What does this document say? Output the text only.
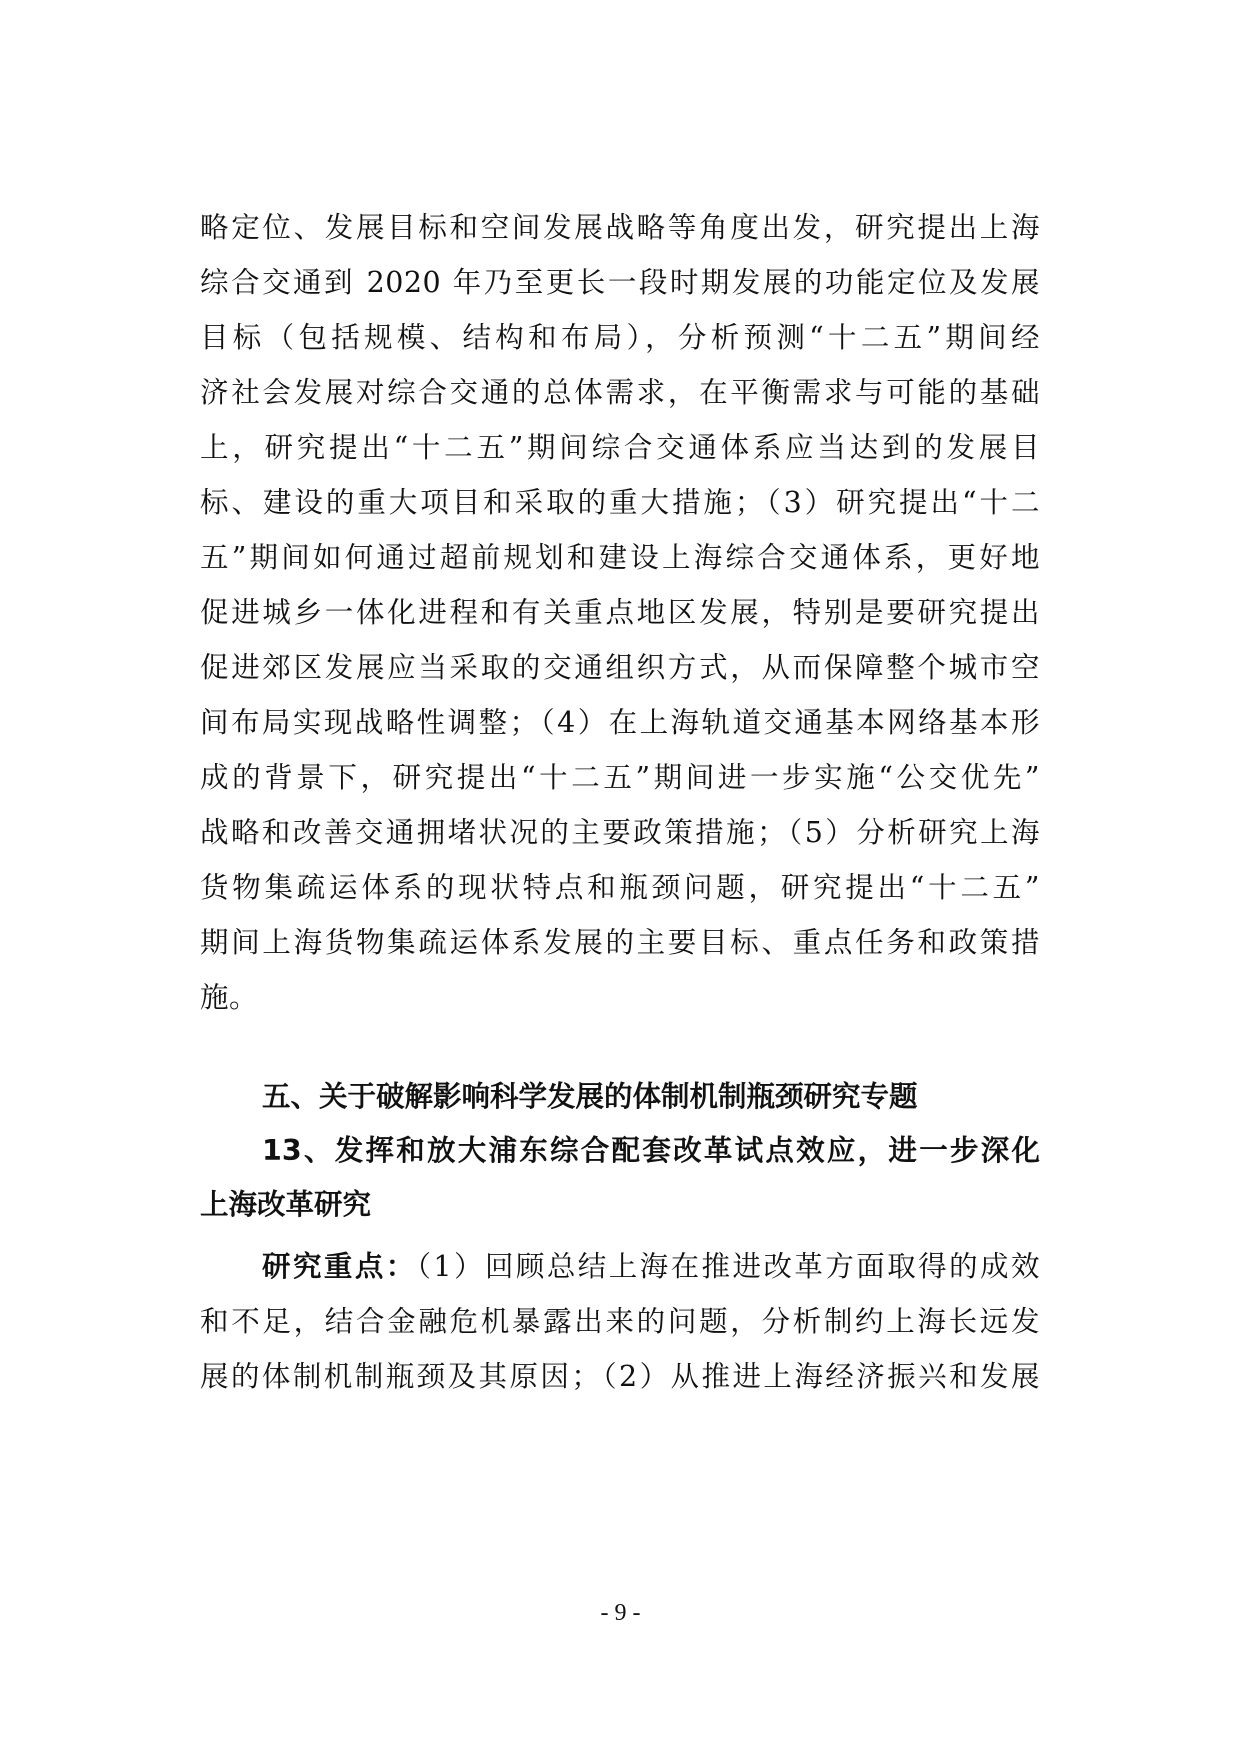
略定位、发展目标和空间发展战略等角度出发，研究提出上海
综合交通到 2020 年乃至更长一段时期发展的功能定位及发展
目标（包括规模、结构和布局），分析预测“十二五”期间经
济社会发展对综合交通的总体需求，在平衡需求与可能的基础
上，研究提出“十二五”期间综合交通体系应当达到的发展目
标、建设的重大项目和采取的重大措施；（3）研究提出“十二
五”期间如何通过超前规划和建设上海综合交通体系，更好地
促进城乡一体化进程和有关重点地区发展，特别是要研究提出
促进郊区发展应当采取的交通组织方式，从而保障整个城市空
间布局实现战略性调整；（4）在上海轨道交通基本网络基本形
成的背景下，研究提出“十二五”期间进一步实施“公交优先”
战略和改善交通拥堵状况的主要政策措施；（5）分析研究上海
货物集疏运体系的现状特点和瓶颈问题，研究提出“十二五”
期间上海货物集疏运体系发展的主要目标、重点任务和政策措
施。
五、关于破解影响科学发展的体制机制瓶颈研究专题
13、发挥和放大浦东综合配套改革试点效应，进一步深化
上海改革研究
研究重点：（1）回顾总结上海在推进改革方面取得的成效
和不足，结合金融危机暴露出来的问题，分析制约上海长远发
展的体制机制瓶颈及其原因；（2）从推进上海经济振兴和发展
- 9 -
